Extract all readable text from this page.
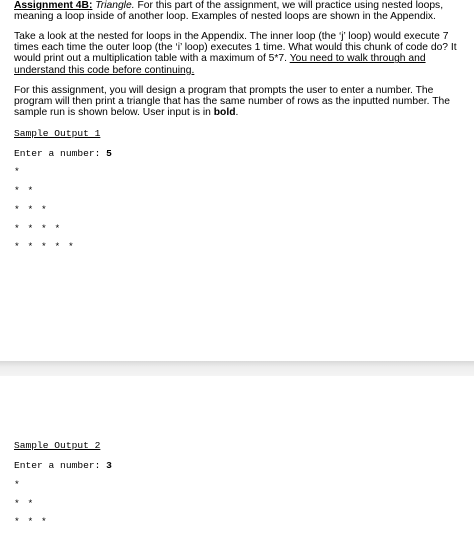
Assignment 4B: Triangle. For this part of the assignment, we will practice using nested loops, meaning a loop inside of another loop. Examples of nested loops are shown in the Appendix.

Take a look at the nested for loops in the Appendix. The inner loop (the ‘j’ loop) would execute 7 times each time the outer loop (the ‘i’ loop) executes 1 time. What would this chunk of code do? It would print out a multiplication table with a maximum of 5*7. You need to walk through and understand this code before continuing.

For this assignment, you will design a program that prompts the user to enter a number. The program will then print a triangle that has the same number of rows as the inputted number. The sample run is shown below. User input is in bold.

Sample Output 1
Enter a number: 5
*
* *
* * *
* * * *
* * * * *
Sample Output 2
Enter a number: 3
*
* *
* * *
